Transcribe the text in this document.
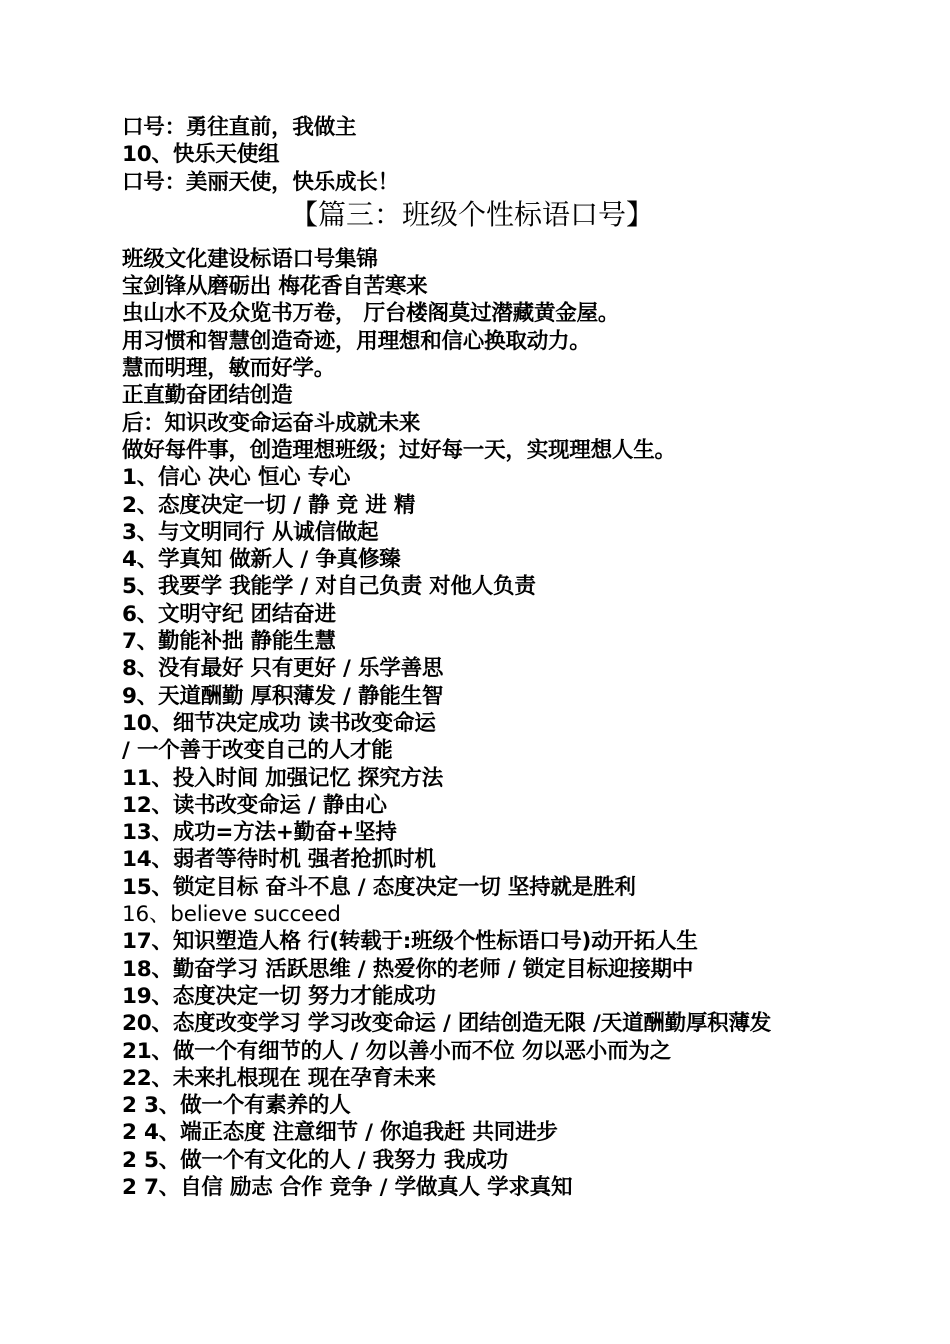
口号：勇往直前，我做主
10、快乐天使组
口号：美丽天使，快乐成长！
【篇三：班级个性标语口号】
班级文化建设标语口号集锦
宝剑锋从磨砺出 梅花香自苦寒来
虫山水不及众览书万卷， 厅台楼阁莫过潜藏黄金屋。
用习惯和智慧创造奇迹，用理想和信心换取动力。
慧而明理，敏而好学。
正直勤奋团结创造
后：知识改变命运奋斗成就未来
做好每件事，创造理想班级；过好每一天，实现理想人生。
1、信心 决心 恒心 专心
2、态度决定一切 / 静 竞 进 精
3、与文明同行 从诚信做起
4、学真知 做新人 / 争真修臻
5、我要学 我能学 / 对自己负责 对他人负责
6、文明守纪 团结奋进
7、勤能补拙 静能生慧
8、没有最好 只有更好 / 乐学善思
9、天道酬勤 厚积薄发 / 静能生智
10、细节决定成功 读书改变命运
/ 一个善于改变自己的人才能
11、投入时间 加强记忆 探究方法
12、读书改变命运 / 静由心
13、成功=方法+勤奋+坚持
14、弱者等待时机 强者抢抓时机
15、锁定目标 奋斗不息 / 态度决定一切 坚持就是胜利
16、believe succeed
17、知识塑造人格 行(转载于:班级个性标语口号)动开拓人生
18、勤奋学习 活跃思维 / 热爱你的老师 / 锁定目标迎接期中
19、态度决定一切 努力才能成功
20、态度改变学习 学习改变命运 / 团结创造无限 /天道酬勤厚积薄发
21、做一个有细节的人 / 勿以善小而不位 勿以恶小而为之
22、未来扎根现在 现在孕育未来
2 3、做一个有素养的人
2 4、端正态度 注意细节 / 你追我赶 共同进步
2 5、做一个有文化的人 / 我努力 我成功
2 7、自信 励志 合作 竞争 / 学做真人 学求真知
